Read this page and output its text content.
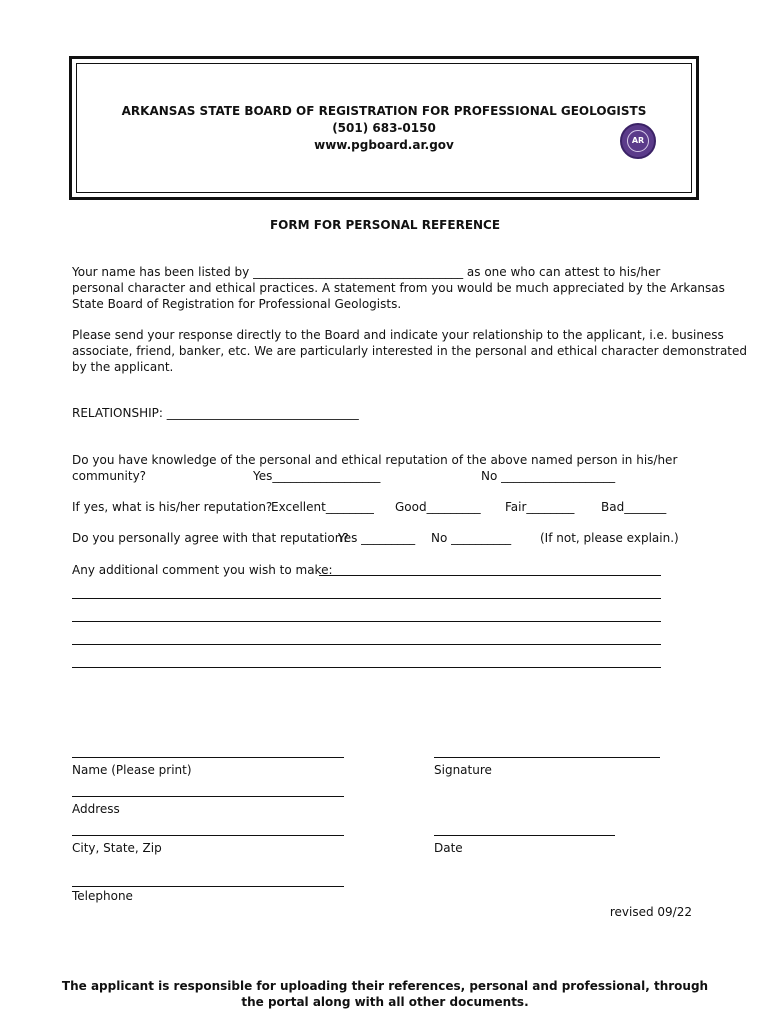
ARKANSAS STATE BOARD OF REGISTRATION FOR PROFESSIONAL GEOLOGISTS
(501) 683-0150
www.pgboard.ar.gov	AR
FORM FOR PERSONAL REFERENCE
Your name has been listed by ___________________________________ as one who can attest to his/her
personal character and ethical practices. A statement from you would be much appreciated by the Arkansas
State Board of Registration for Professional Geologists.
Please send your response directly to the Board and indicate your relationship to the applicant, i.e. business
associate, friend, banker, etc. We are particularly interested in the personal and ethical character demonstrated
by the applicant.
RELATIONSHIP: ________________________________
Do you have knowledge of the personal and ethical reputation of the above named person in his/her
community?	Yes__________________	No ___________________
If yes, what is his/her reputation?
Excellent________ Good_________ Fair________ Bad_______
Do you personally agree with that reputation?
Yes _________ No __________ (If not, please explain.)
Any additional comment you wish to make:
Name (Please print)	Signature
Address
City, State, Zip	Date
Telephone
revised 09/22
The applicant is responsible for uploading their references, personal and professional, through
the portal along with all other documents.
